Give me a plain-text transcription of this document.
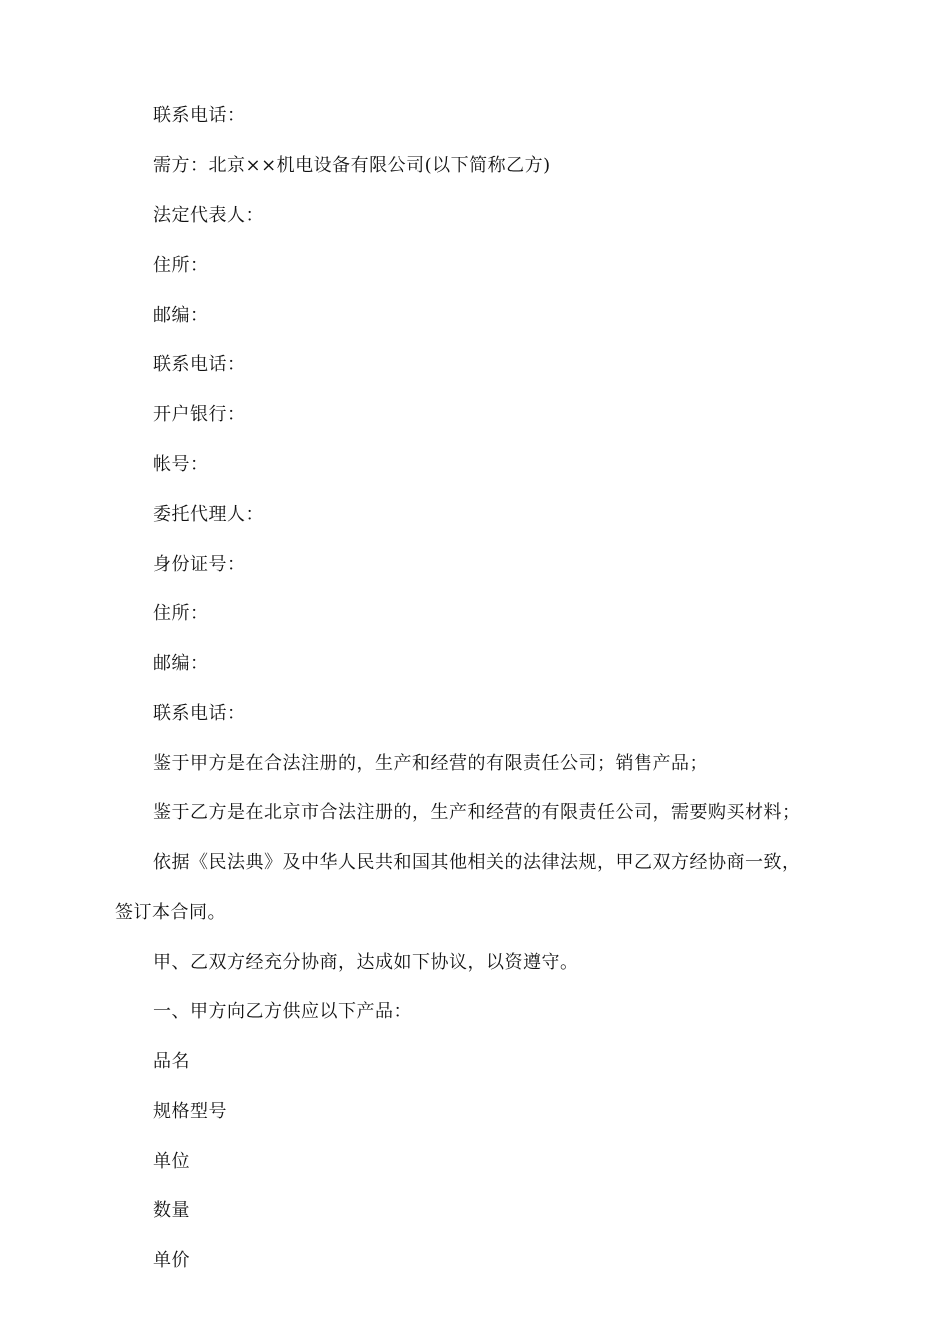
联系电话：
需方：北京××机电设备有限公司(以下简称乙方)
法定代表人：
住所：
邮编：
联系电话：
开户银行：
帐号：
委托代理人：
身份证号：
住所：
邮编：
联系电话：
鉴于甲方是在合法注册的，生产和经营的有限责任公司；销售产品；
鉴于乙方是在北京市合法注册的，生产和经营的有限责任公司，需要购买材料；
依据《民法典》及中华人民共和国其他相关的法律法规，甲乙双方经协商一致，
签订本合同。
甲、乙双方经充分协商，达成如下协议，以资遵守。
一、甲方向乙方供应以下产品：
品名
规格型号
单位
数量
单价
